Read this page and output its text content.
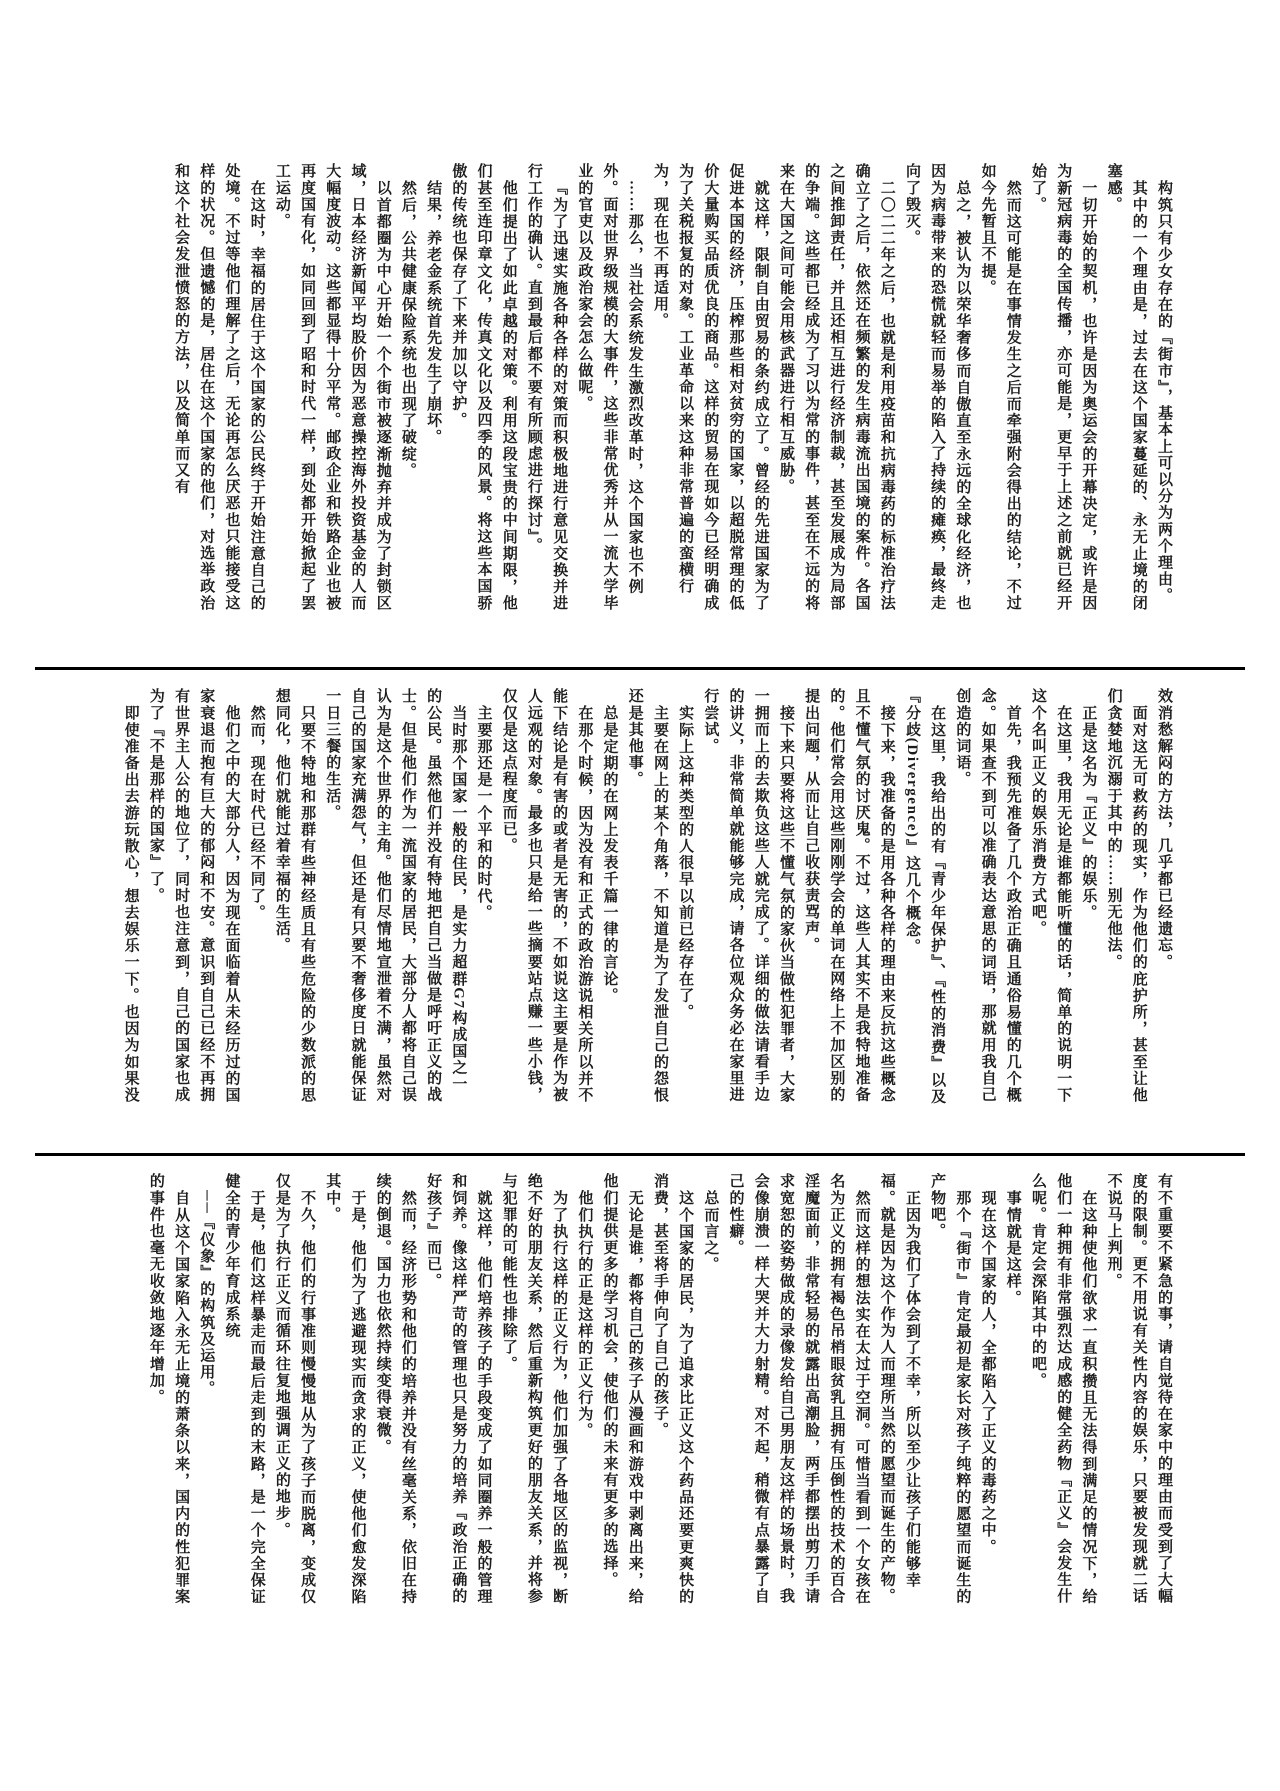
构筑只有少女存在的『街市』，基本上可以分为两个理由。

其中的一个理由是，过去在这个国家蔓延的、永无止境的闭塞感。

一切开始的契机，也许是因为奥运会的开幕决定，或许是因为新冠病毒的全国传播，亦可能是，更早于上述之前就已经开始了。

然而这可能是在事情发生之后而牵强附会得出的结论，不过如今先暂且不提。

总之，被认为以荣华奢侈而自傲直至永远的全球化经济，也因为病毒带来的恐慌就轻而易举的陷入了持续的瘫痪，最终走向了毁灭。

二〇二二年之后，也就是利用疫苗和抗病毒药的标准治疗法确立了之后，依然还在频繁的发生病毒流出国境的案件。各国之间推卸责任，并且还相互进行经济制裁，甚至发展成为局部的争端。这些都已经成为了习以为常的事件，甚至在不远的将来在大国之间可能会用核武器进行相互威胁。

就这样，限制自由贸易的条约成立了。曾经的先进国家为了促进本国的经济，压榨那些相对贫穷的国家，以超脱常理的低价大量购买品质优良的商品。这样的贸易在现如今已经明确成为了关税报复的对象。工业革命以来这种非常普遍的蛮横行为，现在也不再适用。

……那么，当社会系统发生激烈改革时，这个国家也不例外。面对世界级规模的大事件，这些非常优秀并从一流大学毕业的官吏以及政治家会怎么做呢。

『为了迅速实施各种各样的对策而积极地进行意见交换并进行工作的确认。直到最后都不要有所顾虑进行探讨』。

他们提出了如此卓越的对策。利用这段宝贵的中间期限，他们甚至连印章文化，传真文化以及四季的风景。将这些本国骄傲的传统也保存了下来并加以守护。

结果，养老金系统首先发生了崩坏。

然后，公共健康保险系统也出现了破绽。

以首都圈为中心开始一个个街市被逐渐抛弃并成为了封锁区域，日本经济新闻平均股价因为恶意操控海外投资基金的人而大幅度波动。这些都显得十分平常。邮政企业和铁路企业也被再度国有化，如同回到了昭和时代一样，到处都开始掀起了罢工运动。

在这时，幸福的居住于这个国家的公民终于开始注意自己的处境。不过等他们理解了之后，无论再怎么厌恶也只能接受这样的状况。但遗憾的是，居住在这个国家的他们，对选举政治和这个社会发泄愤怒的方法，以及简单而又有

效消愁解闷的方法，几乎都已经遗忘。

面对这无可救药的现实，作为他们的庇护所，甚至让他们贪婪地沉溺于其中的……别无他法。

正是这名为『正义』的娱乐。

在这里，我用无论是谁都能听懂的话，简单的说明一下这个名叫正义的娱乐消费方式吧。

首先，我预先准备了几个政治正确且通俗易懂的几个概念。如果查不到可以准确表达意思的词语，那就用我自己创造的词语。

在这里，我给出的有『青少年保护』、『性的消费』以及『分歧(Divergence)』这几个概念。

接下来，我准备的是用各种各样的理由来反抗这些概念且不懂气氛的讨厌鬼。不过，这些人其实不是我特地准备的。他们常会用这些刚刚学会的单词在网络上不加区别的提出问题，从而让自己收获责骂声。

接下来只要将这些不懂气氛的家伙当做性犯罪者，大家一拥而上的去欺负这些人就完成了。详细的做法请看手边的讲义，非常简单就能够完成，请各位观众务必在家里进行尝试。

实际上这种类型的人很早以前已经存在了。

主要在网上的某个角落，不知道是为了发泄自己的怨恨还是其他事。

总是定期的在网上发表千篇一律的言论。

在那个时候，因为没有和正式的政治游说相关所以并不能下结论是有害的或者是无害的，不如说这主要是作为被人远观的对象。最多也只是给一些摘要站点赚一些小钱，仅仅是这点程度而已。

主要那还是一个平和的时代。

当时那个国家一般的住民，是实力超群G7构成国之一的公民。虽然他们并没有特地把自己当做是呼吁正义的战士。但是他们作为一流国家的居民，大部分人都将自己误认为是这个世界的主角。他们尽情地宣泄着不满，虽然对自己的国家充满怨气，但还是有只要不奢侈度日就能保证一日三餐的生活。

只要不特地和那群有些神经质且有些危险的少数派的思想同化，他们就能过着幸福的生活。

然而，现在时代已经不同了。

他们之中的大部分人，因为现在面临着从未经历过的国家衰退而抱有巨大的郁闷和不安。意识到自己已经不再拥有世界主人公的地位了，同时也注意到，自己的国家也成为了『不是那样的国家』了。

即使准备出去游玩散心，想去娱乐一下。也因为如果没

有不重要不紧急的事，请自觉待在家中的理由而受到了大幅度的限制。更不用说有关性内容的娱乐，只要被发现就二话不说马上判刑。

在这种使他们欲求一直积攒且无法得到满足的情况下，给他们一种拥有非常强烈达成感的健全药物『正义』会发生什么呢。肯定会深陷其中的吧。

事情就是这样。

现在这个国家的人，全都陷入了正义的毒药之中。

那个『街市』肯定最初是家长对孩子纯粹的愿望而诞生的产物吧。

正因为我们了体会到了不幸，所以至少让孩子们能够幸福。就是因为这个作为人而理所当然的愿望而诞生的产物。

然而这样的想法实在太过于空洞。可惜当看到一个女孩在名为正义的拥有褐色吊梢眼贫乳且拥有压倒性的技术的百合淫魔面前，非常轻易的就露出高潮脸，两手都摆出剪刀手请求宽恕的姿势做成的录像发给自己男朋友这样的场景时，我会像崩溃一样大哭并大力射精。对不起，稍微有点暴露了自己的性癖。

总而言之。

这个国家的居民，为了追求比正义这个药品还要更爽快的消费，甚至将手伸向了自己的孩子。

无论是谁，都将自己的孩子从漫画和游戏中剥离出来，给他们提供更多的学习机会，使他们的未来有更多的选择。

他们执行的正是这样的正义行为。

为了执行这样的正义行为，他们加强了各地区的监视，断绝不好的朋友关系，然后重新构筑更好的朋友关系，并将参与犯罪的可能性也排除了。

就这样，他们培养孩子的手段变成了如同圈养一般的管理和饲养。像这样严苛的管理也只是努力的培养『政治正确的好孩子』而已。

然而，经济形势和他们的培养并没有丝毫关系，依旧在持续的倒退。国力也依然持续变得衰微。

于是，他们为了逃避现实而贪求的正义，使他们愈发深陷其中。

不久，他们的行事准则慢慢地从为了孩子而脱离，变成仅仅是为了执行正义而循环往复地强调正义的地步。

于是，他们这样暴走而最后走到的末路，是一个完全保证健全的青少年育成系统

──『仪象』的构筑及运用。

自从这个国家陷入永无止境的萧条以来，国内的性犯罪案的事件也毫无收敛地逐年增加。
